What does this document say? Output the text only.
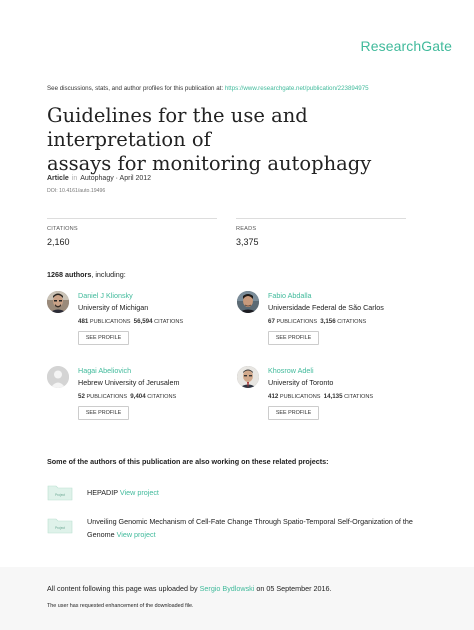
ResearchGate
See discussions, stats, and author profiles for this publication at: https://www.researchgate.net/publication/223894975
Guidelines for the use and interpretation of
assays for monitoring autophagy
Article in Autophagy · April 2012
DOI: 10.4161/auto.19496
CITATIONS
2,160
READS
3,375
1268 authors, including:
Daniel J Klionsky
University of Michigan
481 PUBLICATIONS 56,594 CITATIONS
SEE PROFILE
Fabio Abdalla
Universidade Federal de São Carlos
67 PUBLICATIONS 3,156 CITATIONS
SEE PROFILE
Hagai Abeliovich
Hebrew University of Jerusalem
52 PUBLICATIONS 9,404 CITATIONS
SEE PROFILE
Khosrow Adeli
University of Toronto
412 PUBLICATIONS 14,135 CITATIONS
SEE PROFILE
Some of the authors of this publication are also working on these related projects:
Project	HEPADIP View project
Project
Unveiling Genomic Mechanism of Cell-Fate Change Through Spatio-Temporal Self-Organization of the
Genome View project
All content following this page was uploaded by Sergio Bydlowski on 05 September 2016.
The user has requested enhancement of the downloaded file.
